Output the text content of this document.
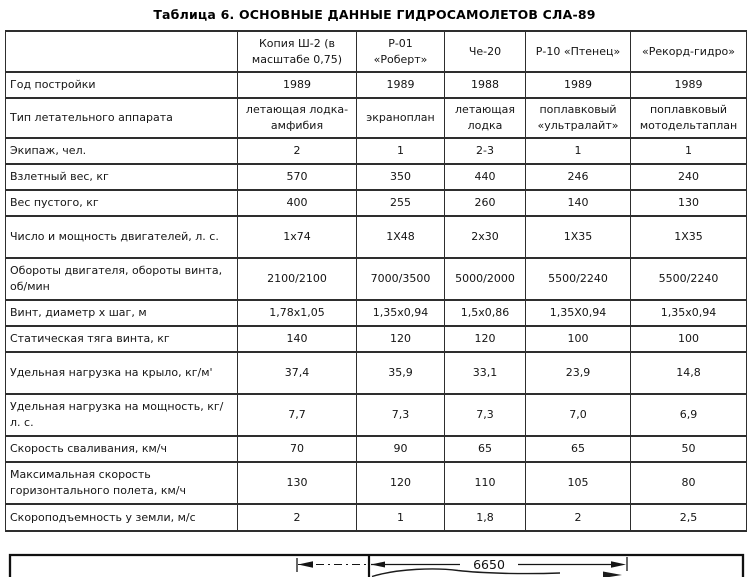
Таблица 6. ОСНОВНЫЕ ДАННЫЕ ГИДРОСАМОЛЕТОВ СЛА-89
	Копия Ш-2 (в масштабе 0,75)	Р-01 «Роберт»	Че-20	Р-10 «Птенец»	«Рекорд-гидро»
Год постройки	1989	1989	1988	1989	1989
Тип летательного аппарата	летающая лодка-амфибия	экраноплан	летающая лодка	поплавковый «ультралайт»	поплавковый мотодельтаплан
Экипаж, чел.	2	1	2-3	1	1
Взлетный вес, кг	570	350	440	246	240
Вес пустого, кг	400	255	260	140	130
Число и мощность двигателей, л. с.	1x74	1X48	2x30	1X35	1X35
Обороты двигателя, обороты винта, об/мин	2100/2100	7000/3500	5000/2000	5500/2240	5500/2240
Винт, диаметр x шаг, м	1,78x1,05	1,35x0,94	1,5x0,86	1,35X0,94	1,35x0,94
Статическая тяга винта, кг	140	120	120	100	100
Удельная нагрузка на крыло, кг/м'	37,4	35,9	33,1	23,9	14,8
Удельная нагрузка на мощность, кг/л. с.	7,7	7,3	7,3	7,0	6,9
Скорость сваливания, км/ч	70	90	65	65	50
Максимальная скорость горизонтального полета, км/ч	130	120	110	105	80
Скороподъемность у земли, м/с	2	1	1,8	2	2,5
6650
